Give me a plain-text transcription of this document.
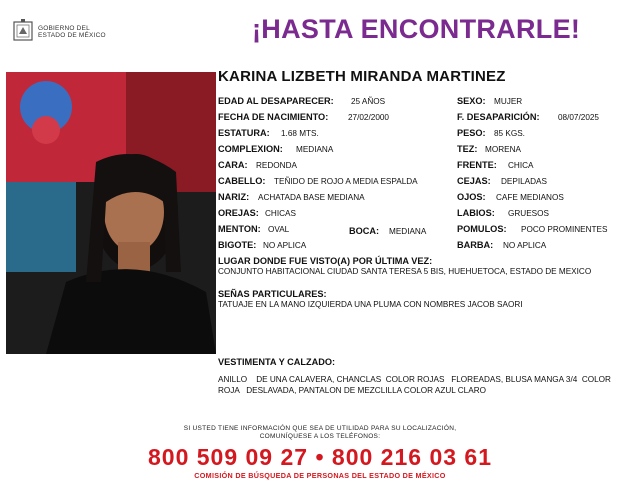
GOBIERNO DEL
ESTADO DE MÉXICO	¡HASTA ENCONTRARLE!
KARINA LIZBETH MIRANDA MARTINEZ
EDAD AL DESAPARECER: 25 AÑOS
FECHA DE NACIMIENTO: 27/02/2000
ESTATURA: 1.68 MTS.
COMPLEXION: MEDIANA
CARA: REDONDA
CABELLO: TEÑIDO DE ROJO A MEDIA ESPALDA
NARIZ: ACHATADA BASE MEDIANA
OREJAS: CHICAS
MENTON: OVAL	BOCA: MEDIANA
BIGOTE: NO APLICA
SEXO: MUJER
F. DESAPARICIÓN: 08/07/2025
PESO: 85 KGS.
TEZ: MORENA
FRENTE: CHICA
CEJAS: DEPILADAS
OJOS: CAFE MEDIANOS
LABIOS: GRUESOS
POMULOS: POCO PROMINENTES
BARBA: NO APLICA
LUGAR DONDE FUE VISTO(A) POR ÚLTIMA VEZ:
CONJUNTO HABITACIONAL CIUDAD SANTA TERESA 5 BIS, HUEHUETOCA, ESTADO DE MEXICO
SEÑAS PARTICULARES:
TATUAJE EN LA MANO IZQUIERDA UNA PLUMA CON NOMBRES JACOB SAORI
VESTIMENTA Y CALZADO:
ANILLO    DE UNA CALAVERA, CHANCLAS  COLOR ROJAS   FLOREADAS, BLUSA MANGA 3/4  COLOR ROJA   DESLAVADA, PANTALON DE MEZCLILLA COLOR AZUL CLARO
SI USTED TIENE INFORMACIÓN QUE SEA DE UTILIDAD PARA SU LOCALIZACIÓN,
COMUNÍQUESE A LOS TELÉFONOS:
800 509 09 27 • 800 216 03 61
COMISIÓN DE BÚSQUEDA DE PERSONAS DEL ESTADO DE MÉXICO
